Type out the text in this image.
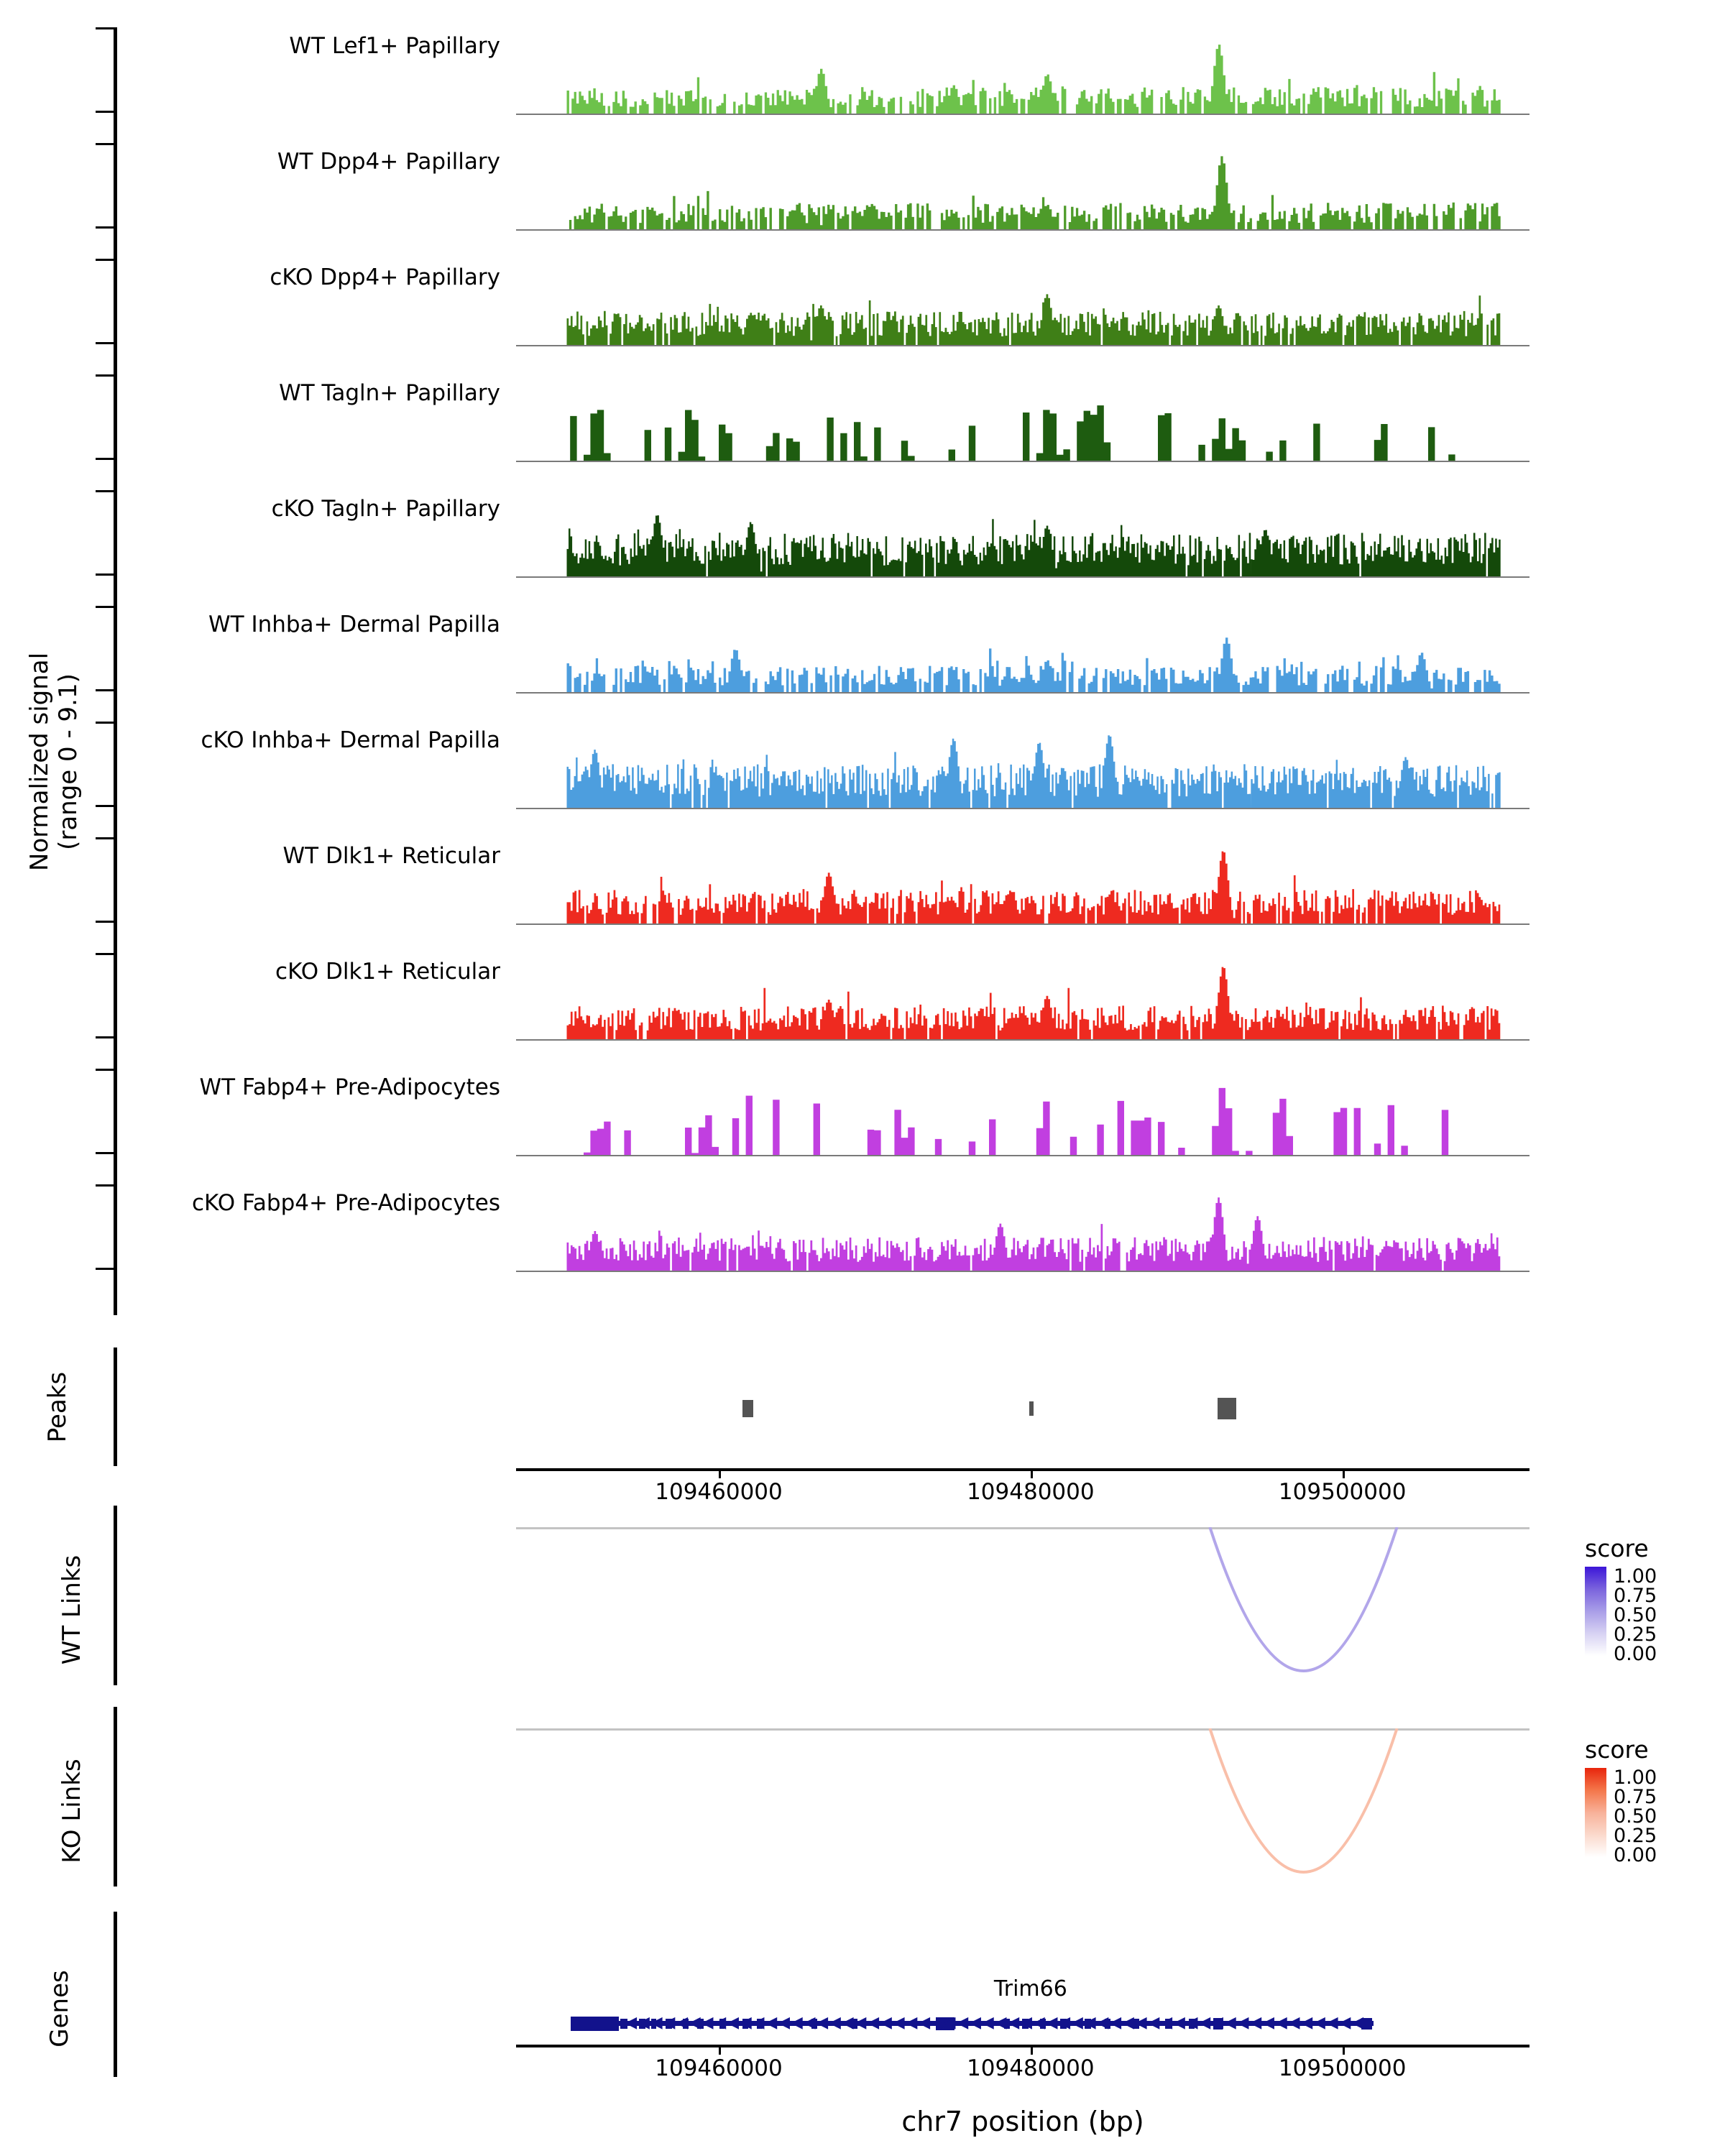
Normalized signal
(range 0 - 9.1)
Peaks
109460000	109480000	109500000
WT Links
KO Links
Genes	Trim66
◀ ◀ ◀ ◀ ◀ ◀ ◀ ◀ ◀ ◀ ◀ ◀ ◀ ◀ ◀ ◀ ◀ ◀ ◀ ◀ ◀ ◀ ◀ ◀ ◀ ◀ ◀ ◀ ◀ ◀ ◀ ◀ ◀ ◀ ◀ ◀ ◀ ◀ ◀ ◀ ◀ ◀ ◀ ◀ ◀ ◀ ◀ ◀ ◀ ◀ ◀ ◀ ◀ ◀ ◀ ◀ ◀ ◀
109460000	109480000	109500000
chr7 position (bp)
score
1.00
0.75
0.50
0.25
0.00
score
1.00
0.75
0.50
0.25
0.00
WT Lef1+ Papillary
WT Dpp4+ Papillary
cKO Dpp4+ Papillary
WT Tagln+ Papillary
cKO Tagln+ Papillary
WT Inhba+ Dermal Papilla
cKO Inhba+ Dermal Papilla
WT Dlk1+ Reticular
cKO Dlk1+ Reticular
WT Fabp4+ Pre-Adipocytes
cKO Fabp4+ Pre-Adipocytes
